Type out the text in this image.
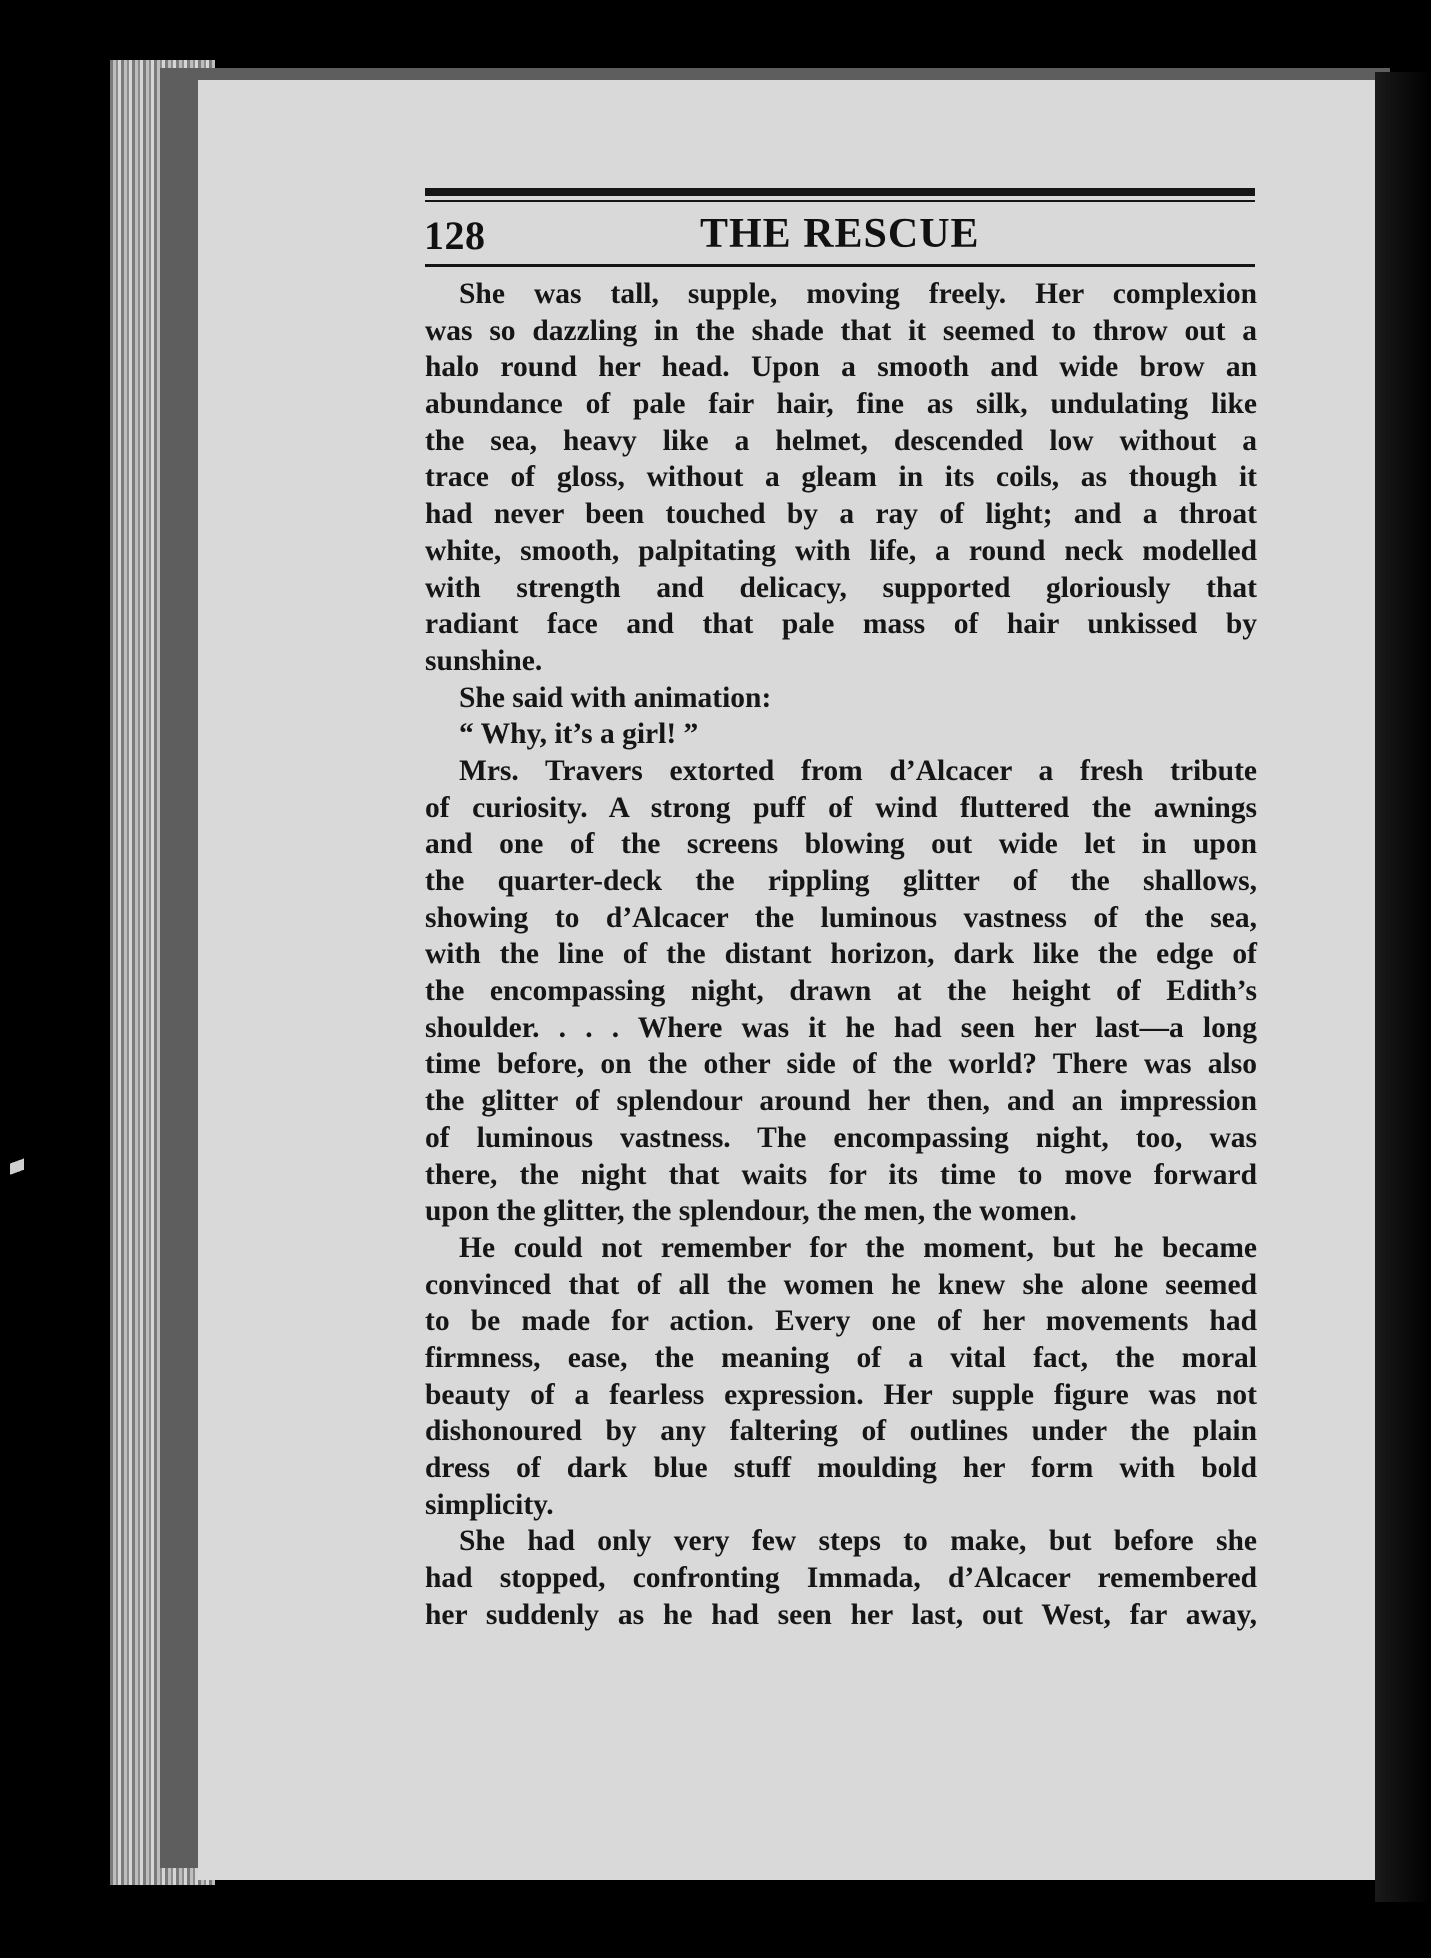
128	THE RESCUE
She was tall, supple, moving freely. Her complexion
was so dazzling in the shade that it seemed to throw out a
halo round her head. Upon a smooth and wide brow an
abundance of pale fair hair, fine as silk, undulating like
the sea, heavy like a helmet, descended low without a
trace of gloss, without a gleam in its coils, as though it
had never been touched by a ray of light; and a throat
white, smooth, palpitating with life, a round neck modelled
with strength and delicacy, supported gloriously that
radiant face and that pale mass of hair unkissed by
sunshine.
She said with animation:
“ Why, it’s a girl! ”
Mrs. Travers extorted from d’Alcacer a fresh tribute
of curiosity. A strong puff of wind fluttered the awnings
and one of the screens blowing out wide let in upon
the quarter-deck the rippling glitter of the shallows,
showing to d’Alcacer the luminous vastness of the sea,
with the line of the distant horizon, dark like the edge of
the encompassing night, drawn at the height of Edith’s
shoulder. . . . Where was it he had seen her last—a long
time before, on the other side of the world? There was also
the glitter of splendour around her then, and an impression
of luminous vastness. The encompassing night, too, was
there, the night that waits for its time to move forward
upon the glitter, the splendour, the men, the women.
He could not remember for the moment, but he became
convinced that of all the women he knew she alone seemed
to be made for action. Every one of her movements had
firmness, ease, the meaning of a vital fact, the moral
beauty of a fearless expression. Her supple figure was not
dishonoured by any faltering of outlines under the plain
dress of dark blue stuff moulding her form with bold
simplicity.
She had only very few steps to make, but before she
had stopped, confronting Immada, d’Alcacer remembered
her suddenly as he had seen her last, out West, far away,
